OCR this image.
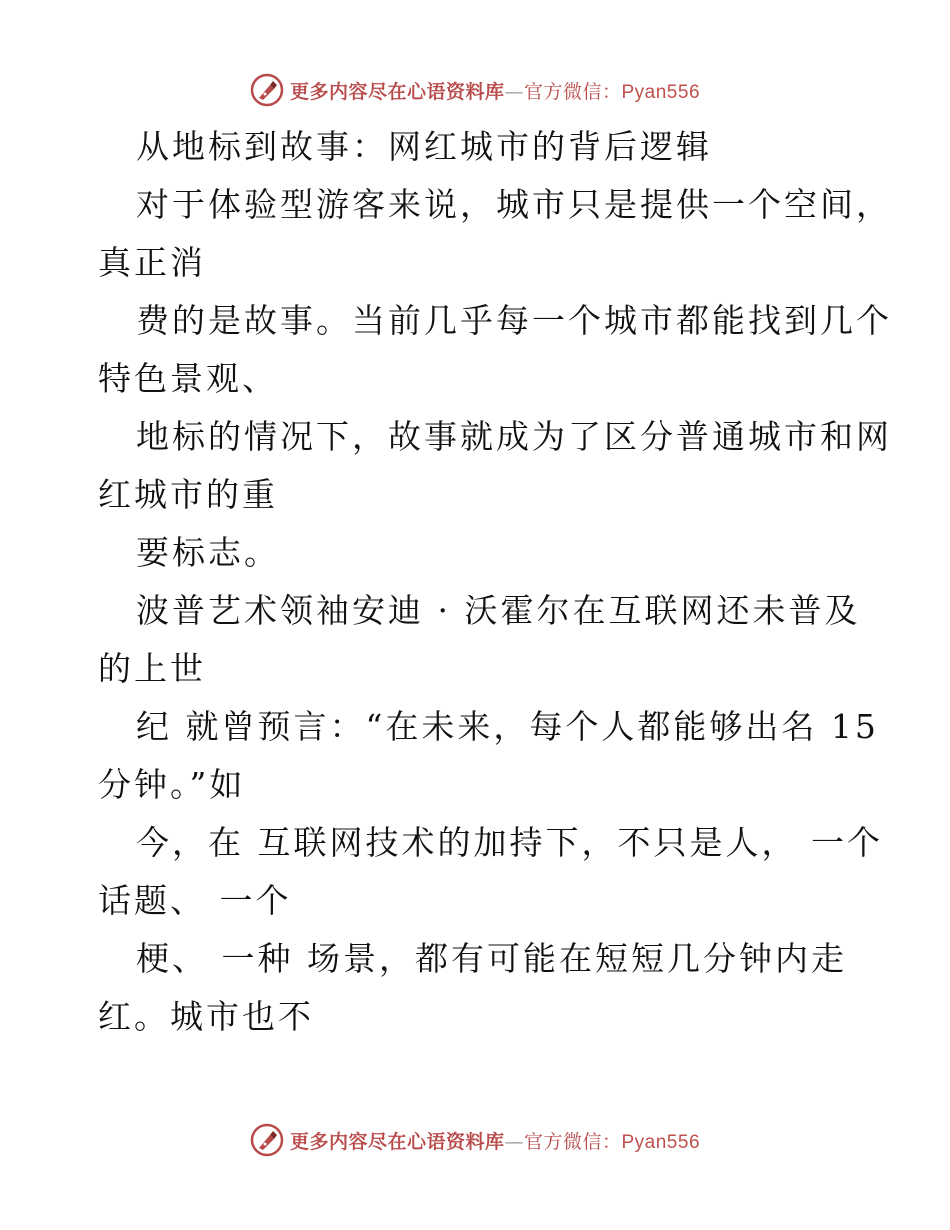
更多内容尽在心语资料库—官方微信：Pyan556
从地标到故事：网红城市的背后逻辑
对于体验型游客来说，城市只是提供一个空间，
真正消
费的是故事。当前几乎每一个城市都能找到几个
特色景观、
地标的情况下，故事就成为了区分普通城市和网
红城市的重
要标志。
波普艺术领袖安迪 · 沃霍尔在互联网还未普及
的上世
纪 就曾预言：“在未来，每个人都能够出名 15
分钟。”如
今，在 互联网技术的加持下，不只是人， 一个
话题、 一个
梗、 一种 场景，都有可能在短短几分钟内走
红。城市也不
更多内容尽在心语资料库—官方微信：Pyan556
